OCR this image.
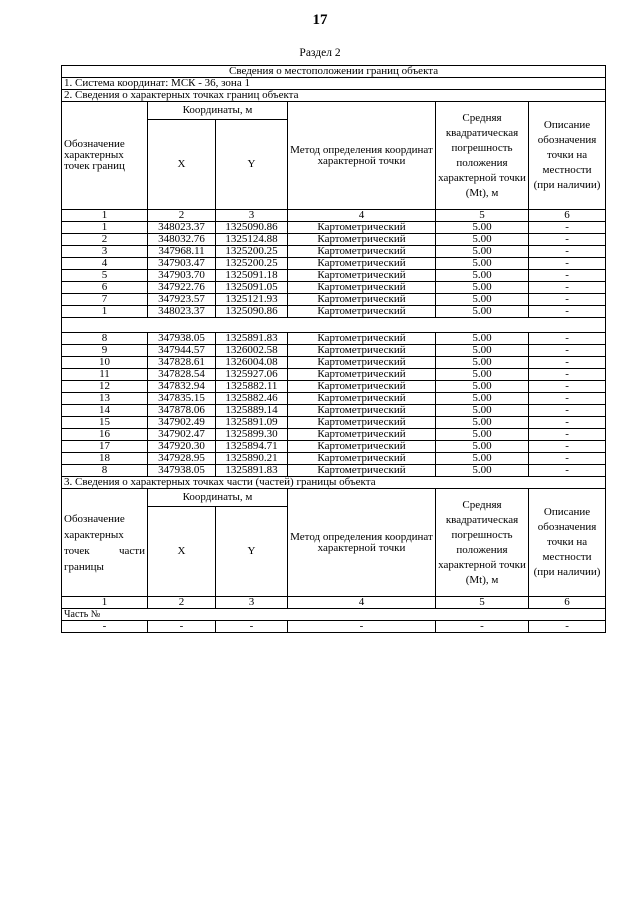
17
Раздел 2
Сведения о местоположении границ объекта					
1. Система координат: МСК - 36, зона 1					
2. Сведения о характерных точках границ объекта					
Обозначение характерных точек границ	Координаты, м		Метод определения координат характерной точки	Средняя квадратическая погрешность положения характерной точки (Mt), м	Описание обозначения точки на местности (при наличии)
	X	Y			
1	2	3	4	5	6
1	348023.37	1325090.86	Картометрический	5.00	-
2	348032.76	1325124.88	Картометрический	5.00	-
3	347968.11	1325200.25	Картометрический	5.00	-
4	347903.47	1325200.25	Картометрический	5.00	-
5	347903.70	1325091.18	Картометрический	5.00	-
6	347922.76	1325091.05	Картометрический	5.00	-
7	347923.57	1325121.93	Картометрический	5.00	-
1	348023.37	1325090.86	Картометрический	5.00	-

8	347938.05	1325891.83	Картометрический	5.00	-
9	347944.57	1326002.58	Картометрический	5.00	-
10	347828.61	1326004.08	Картометрический	5.00	-
11	347828.54	1325927.06	Картометрический	5.00	-
12	347832.94	1325882.11	Картометрический	5.00	-
13	347835.15	1325882.46	Картометрический	5.00	-
14	347878.06	1325889.14	Картометрический	5.00	-
15	347902.49	1325891.09	Картометрический	5.00	-
16	347902.47	1325899.30	Картометрический	5.00	-
17	347920.30	1325894.71	Картометрический	5.00	-
18	347928.95	1325890.21	Картометрический	5.00	-
8	347938.05	1325891.83	Картометрический	5.00	-
3. Сведения о характерных точках части (частей) границы объекта					

Обозначение характерных точек части границы	Координаты, м		Метод определения координат характерной точки	Средняя квадратическая погрешность положения характерной точки (Mt), м	Описание обозначения точки на местности (при наличии)
	X	Y			
1	2	3	4	5	6
Часть №					
-	-	-	-	-	-
